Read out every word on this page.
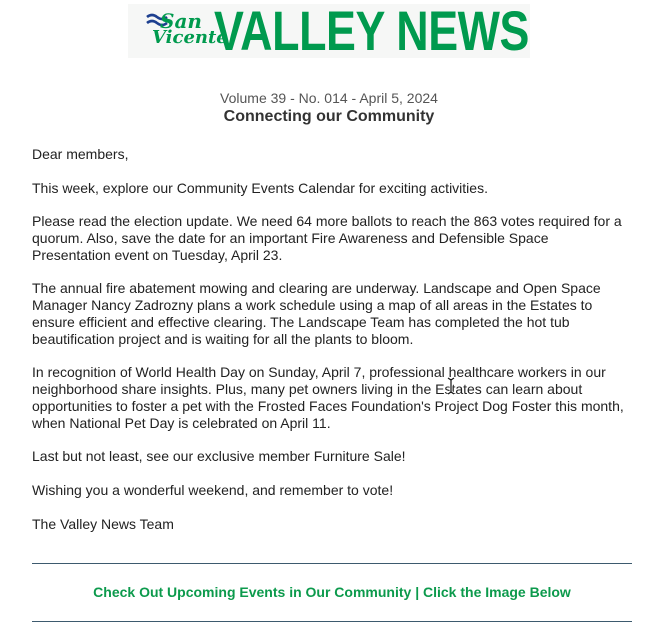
San
Vicente
VALLEY NEWS
Volume 39 - No. 014 - April 5, 2024
Connecting our Community

Dear members,

This week, explore our Community Events Calendar for exciting activities.

Please read the election update. We need 64 more ballots to reach the 863 votes required for a quorum. Also, save the date for an important Fire Awareness and Defensible Space Presentation event on Tuesday, April 23.

The annual fire abatement mowing and clearing are underway. Landscape and Open Space Manager Nancy Zadrozny plans a work schedule using a map of all areas in the Estates to ensure efficient and effective clearing. The Landscape Team has completed the hot tub beautification project and is waiting for all the plants to bloom.

In recognition of World Health Day on Sunday, April 7, professional healthcare workers in our neighborhood share insights. Plus, many pet owners living in the Estates can learn about opportunities to foster a pet with the Frosted Faces Foundation's Project Dog Foster this month, when National Pet Day is celebrated on April 11.

Last but not least, see our exclusive member Furniture Sale!

Wishing you a wonderful weekend, and remember to vote!

The Valley News Team

Check Out Upcoming Events in Our Community | Click the Image Below
